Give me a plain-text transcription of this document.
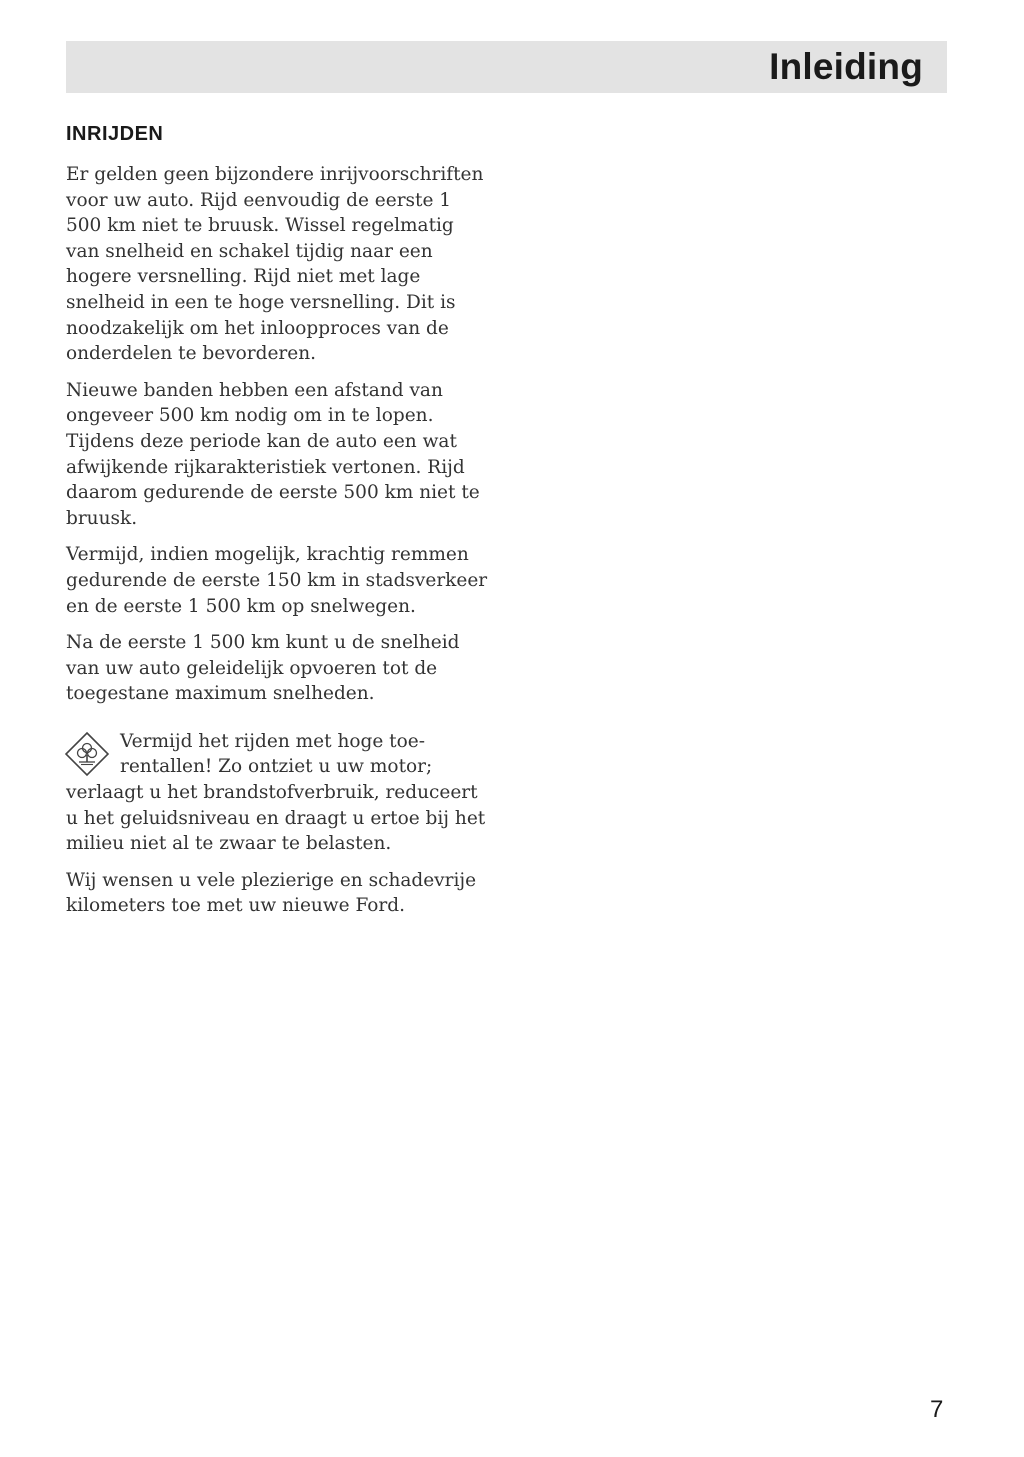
Inleiding
INRIJDEN

Er gelden geen bijzondere inrijvoorschriften voor uw auto. Rijd eenvoudig de eerste 1 500 km niet te bruusk. Wissel regelmatig van snelheid en schakel tijdig naar een hogere versnelling. Rijd niet met lage snelheid in een te hoge versnelling. Dit is noodzakelijk om het inloopproces van de onderdelen te bevorderen.

Nieuwe banden hebben een afstand van ongeveer 500 km nodig om in te lopen. Tijdens deze periode kan de auto een wat afwijkende rijkarakteristiek vertonen. Rijd daarom gedurende de eerste 500 km niet te bruusk.

Vermijd, indien mogelijk, krachtig remmen gedurende de eerste 150 km in stadsverkeer en de eerste 1 500 km op snelwegen.

Na de eerste 1 500 km kunt u de snelheid van uw auto geleidelijk opvoeren tot de toegestane maximum snelheden.

Vermijd het rijden met hoge toerentallen! Zo ontziet u uw motor; verlaagt u het brandstofverbruik, reduceert u het geluidsniveau en draagt u ertoe bij het milieu niet al te zwaar te belasten.

Wij wensen u vele plezierige en schadevrije kilometers toe met uw nieuwe Ford.

7
